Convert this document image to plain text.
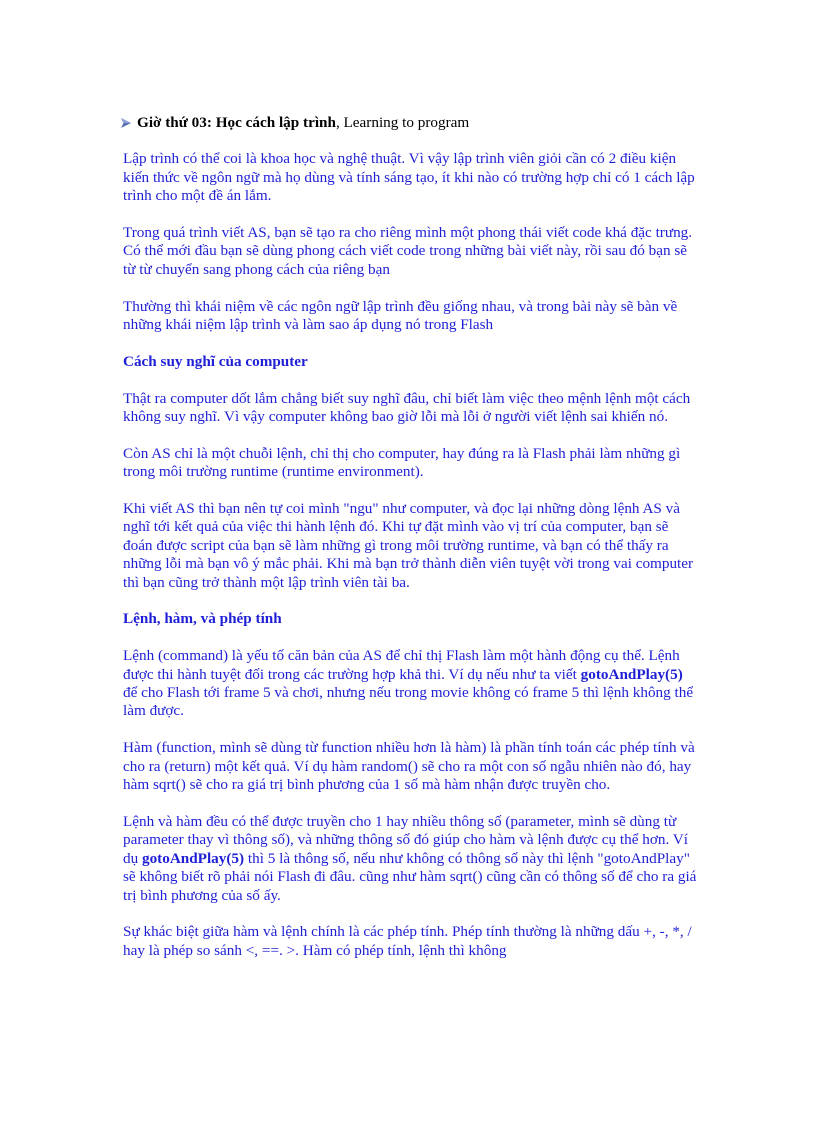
Giờ thứ 03: Học cách lập trình, Learning to program

Lập trình có thể coi là khoa học và nghệ thuật. Vì vậy lập trình viên giỏi cần có 2 điều kiện kiến thức về ngôn ngữ mà họ dùng và tính sáng tạo, ít khi nào có trường hợp chỉ có 1 cách lập trình cho một đề án lắm.

Trong quá trình viết AS, bạn sẽ tạo ra cho riêng mình một phong thái viết code khá đặc trưng. Có thể mới đầu bạn sẽ dùng phong cách viết code trong những bài viết này, rồi sau đó bạn sẽ từ từ chuyển sang phong cách của riêng bạn

Thường thì khái niệm về các ngôn ngữ lập trình đều giống nhau, và trong bài này sẽ bàn về những khái niệm lập trình và làm sao áp dụng nó trong Flash

Cách suy nghĩ của computer

Thật ra computer dốt lắm chẳng biết suy nghĩ đâu, chỉ biết làm việc theo mệnh lệnh một cách không suy nghĩ. Vì vậy computer không bao giờ lỗi mà lỗi ở người viết lệnh sai khiến nó.

Còn AS chỉ là một chuỗi lệnh, chỉ thị cho computer, hay đúng ra là Flash phải làm những gì trong môi trường runtime (runtime environment).

Khi viết AS thì bạn nên tự coi mình "ngu" như computer, và đọc lại những dòng lệnh AS và nghĩ tới kết quả của việc thi hành lệnh đó. Khi tự đặt mình vào vị trí của computer, bạn sẽ đoán được script của bạn sẽ làm những gì trong môi trường runtime, và bạn có thể thấy ra những lỗi mà bạn vô ý mắc phải. Khi mà bạn trở thành diễn viên tuyệt vời trong vai computer thì bạn cũng trở thành một lập trình viên tài ba.

Lệnh, hàm, và phép tính

Lệnh (command) là yếu tố căn bản của AS để chỉ thị Flash làm một hành động cụ thể. Lệnh được thi hành tuyệt đối trong các trường hợp khả thi. Ví dụ nếu như ta viết gotoAndPlay(5) để cho Flash tới frame 5 và chơi, nhưng nếu trong movie không có frame 5 thì lệnh không thể làm được.

Hàm (function, mình sẽ dùng từ function nhiều hơn là hàm) là phần tính toán các phép tính và cho ra (return) một kết quả. Ví dụ hàm random() sẽ cho ra một con số ngẫu nhiên nào đó, hay hàm sqrt() sẽ cho ra giá trị bình phương của 1 số mà hàm nhận được truyền cho.

Lệnh và hàm đều có thể được truyền cho 1 hay nhiều thông số (parameter, mình sẽ dùng từ parameter thay vì thông số), và những thông số đó giúp cho hàm và lệnh được cụ thể hơn. Ví dụ gotoAndPlay(5) thì 5 là thông số, nếu như không có thông số này thì lệnh "gotoAndPlay" sẽ không biết rõ phải nói Flash đi đâu. cũng như hàm sqrt() cũng cần có thông số để cho ra giá trị bình phương của số ấy.

Sự khác biệt giữa hàm và lệnh chính là các phép tính. Phép tính thường là những dấu +, -, *, / hay là phép so sánh <, ==. >. Hàm có phép tính, lệnh thì không
